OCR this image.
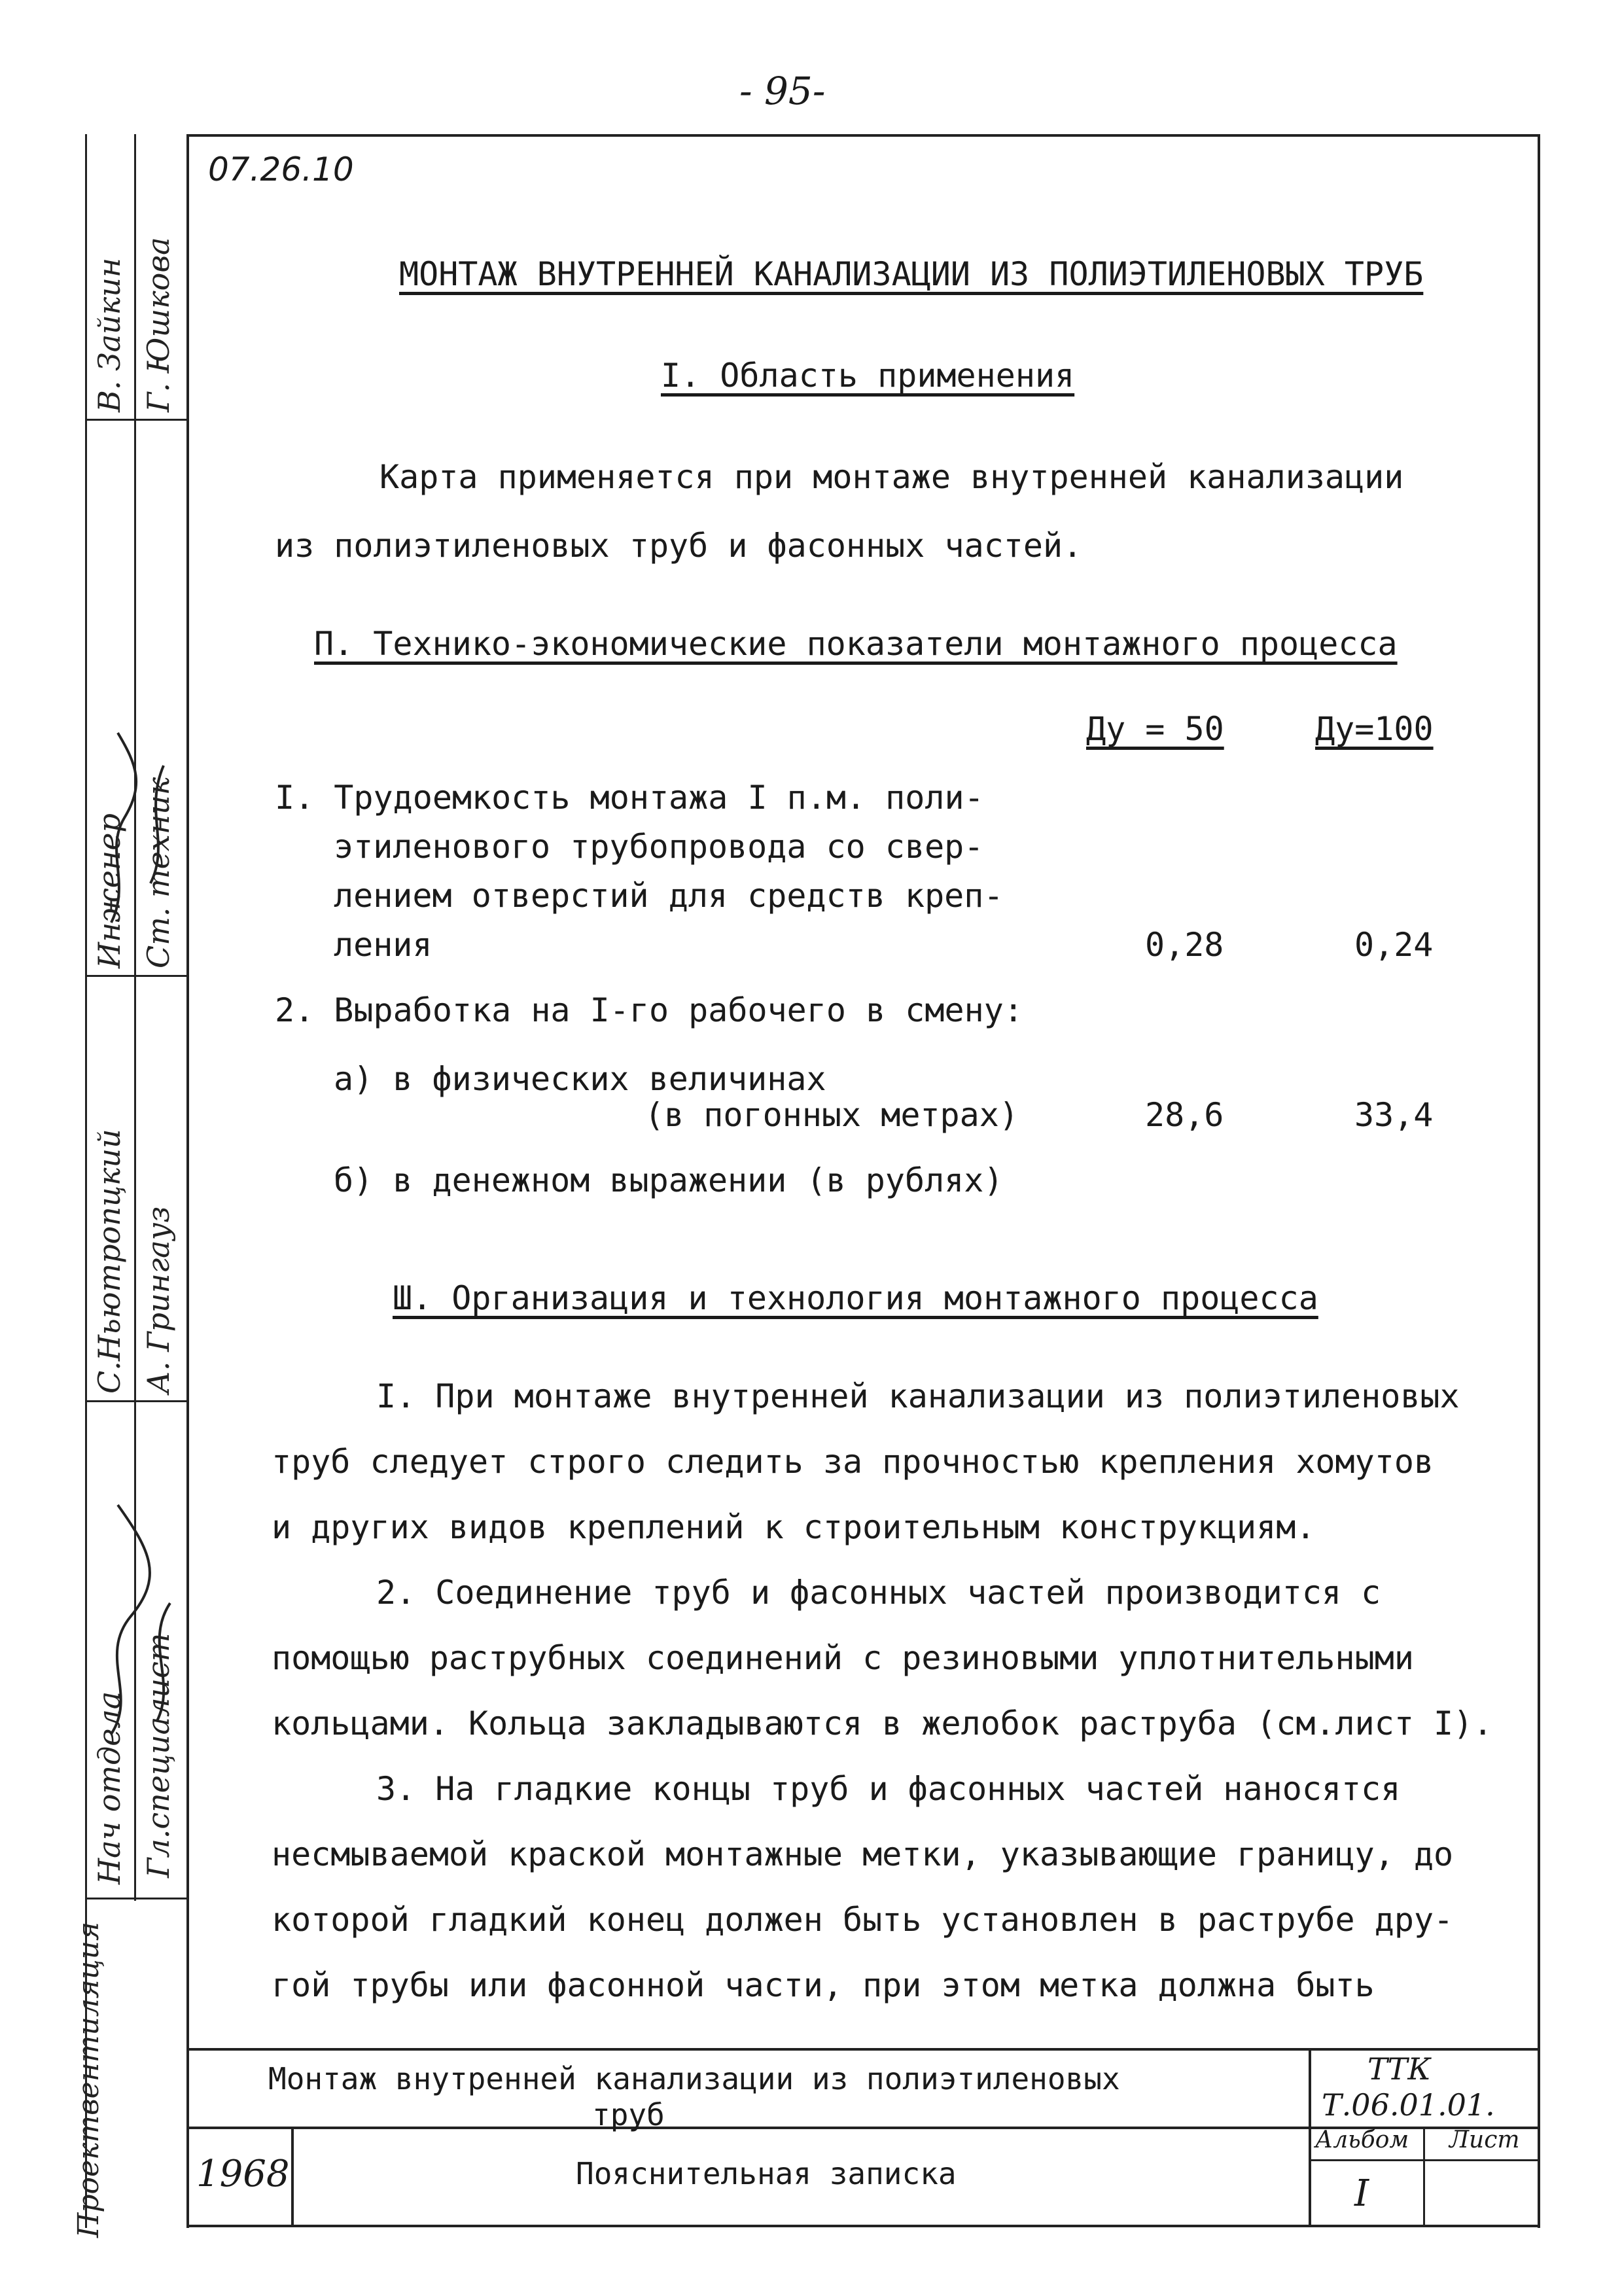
- 95-
07.26.10
Нач отдела Гл.специалист
Инженер Ст. техник
С.Ньютропцкий А. Грингауз
В. Зайкин Г. Юшкова
Проектвентиляция
МОНТАЖ ВНУТРЕННЕЙ КАНАЛИЗАЦИИ ИЗ ПОЛИЭТИЛЕНОВЫХ ТРУБ
I. Область применения
Карта применяется при монтаже внутренней канализации
из полиэтиленовых труб и фасонных частей.
П. Технико-экономические показатели монтажного процесса
Ду = 50	Ду=100
I. Трудоемкость монтажа I п.м. поли-
этиленового трубопровода со свер-
лением отверстий для средств креп-
ления	0,28	0,24
2. Выработка на I-го рабочего в смену:
а) в физических величинах
(в погонных метрах)	28,6	33,4
б) в денежном выражении (в рублях)
Ш. Организация и технология монтажного процесса
I. При монтаже внутренней канализации из полиэтиленовых
труб следует строго следить за прочностью крепления хомутов
и других видов креплений к строительным конструкциям.
2. Соединение труб и фасонных частей производится с
помощью раструбных соединений с резиновыми уплотнительными
кольцами. Кольца закладываются в желобок раструба (см.лист I).
3. На гладкие концы труб и фасонных частей наносятся
несмываемой краской монтажные метки, указывающие границу, до
которой гладкий конец должен быть установлен в раструбе дру-
гой трубы или фасонной части, при этом метка должна быть
Монтаж внутренней канализации из полиэтиленовых
труб
ТТК
Т.06.01.01.
1968	Пояснительная записка
Альбом
I
Лист
